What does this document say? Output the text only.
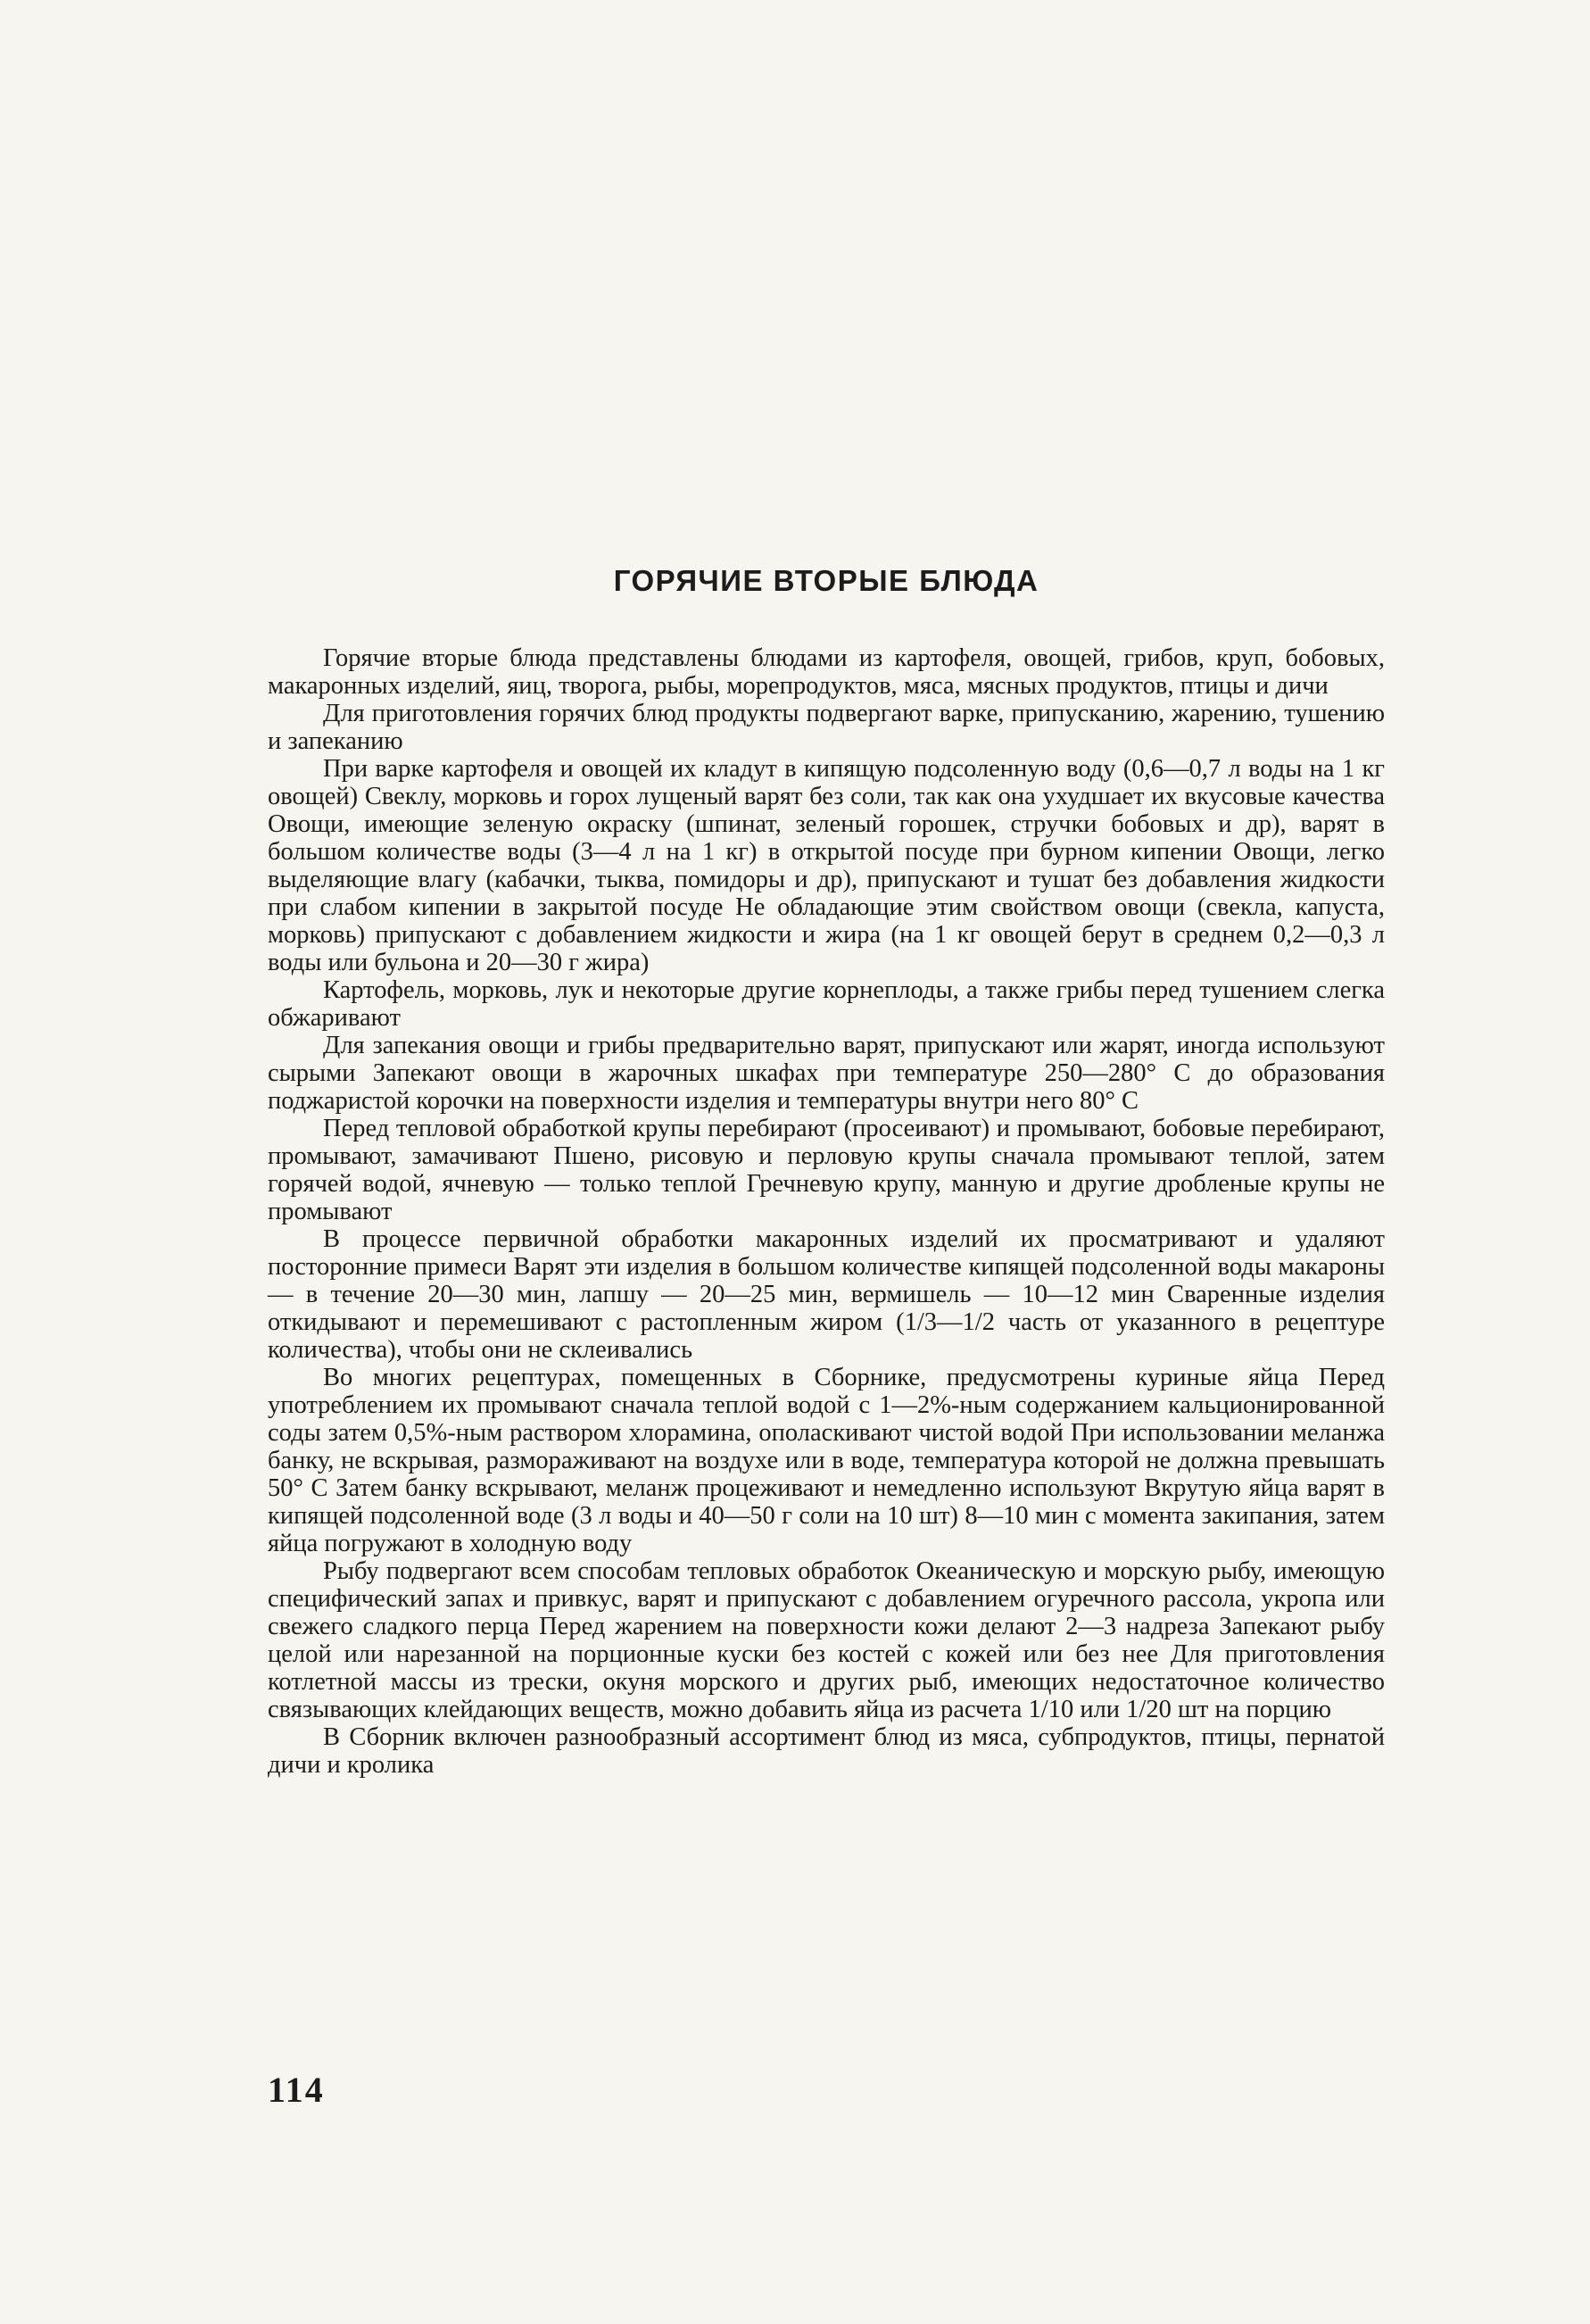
ГОРЯЧИЕ ВТОРЫЕ БЛЮДА

Горячие вторые блюда представлены блюдами из картофеля, овощей, грибов, круп, бобовых, макаронных изделий, яиц, творога, рыбы, морепродуктов, мяса, мясных продуктов, птицы и дичи

Для приготовления горячих блюд продукты подвергают варке, припусканию, жарению, тушению и запеканию

При варке картофеля и овощей их кладут в кипящую подсоленную воду (0,6—0,7 л воды на 1 кг овощей) Свеклу, морковь и горох лущеный варят без соли, так как она ухудшает их вкусовые качества Овощи, имеющие зеленую окраску (шпинат, зеленый горошек, стручки бобовых и др), варят в большом количестве воды (3—4 л на 1 кг) в открытой посуде при бурном кипении Овощи, легко выделяющие влагу (кабачки, тыква, помидоры и др), припускают и тушат без добавления жидкости при слабом кипении в закрытой посуде Не обладающие этим свойством овощи (свекла, капуста, морковь) припускают с добавлением жидкости и жира (на 1 кг овощей берут в среднем 0,2—0,3 л воды или бульона и 20—30 г жира)

Картофель, морковь, лук и некоторые другие корнеплоды, а также грибы перед тушением слегка обжаривают

Для запекания овощи и грибы предварительно варят, припускают или жарят, иногда используют сырыми Запекают овощи в жарочных шкафах при температуре 250—280° С до образования поджаристой корочки на поверхности изделия и температуры внутри него 80° С

Перед тепловой обработкой крупы перебирают (просеивают) и промывают, бобовые перебирают, промывают, замачивают Пшено, рисовую и перловую крупы сначала промывают теплой, затем горячей водой, ячневую — только теплой Гречневую крупу, манную и другие дробленые крупы не промывают

В процессе первичной обработки макаронных изделий их просматривают и удаляют посторонние примеси Варят эти изделия в большом количестве кипящей подсоленной воды макароны — в течение 20—30 мин, лапшу — 20—25 мин, вермишель — 10—12 мин Сваренные изделия откидывают и перемешивают с растопленным жиром (1/3—1/2 часть от указанного в рецептуре количества), чтобы они не склеивались

Во многих рецептурах, помещенных в Сборнике, предусмотрены куриные яйца Перед употреблением их промывают сначала теплой водой с 1—2%-ным содержанием кальционированной соды затем 0,5%-ным раствором хлорамина, ополаскивают чистой водой При использовании меланжа банку, не вскрывая, размораживают на воздухе или в воде, температура которой не должна превышать 50° С Затем банку вскрывают, меланж процеживают и немедленно используют Вкрутую яйца варят в кипящей подсоленной воде (3 л воды и 40—50 г соли на 10 шт) 8—10 мин с момента закипания, затем яйца погружают в холодную воду

Рыбу подвергают всем способам тепловых обработок Океаническую и морскую рыбу, имеющую специфический запах и привкус, варят и припускают с добавлением огуречного рассола, укропа или свежего сладкого перца Перед жарением на поверхности кожи делают 2—3 надреза Запекают рыбу целой или нарезанной на порционные куски без костей с кожей или без нее Для приготовления котлетной массы из трески, окуня морского и других рыб, имеющих недостаточное количество связывающих клейдающих веществ, можно добавить яйца из расчета 1/10 или 1/20 шт на порцию

В Сборник включен разнообразный ассортимент блюд из мяса, субпродуктов, птицы, пернатой дичи и кролика

114
